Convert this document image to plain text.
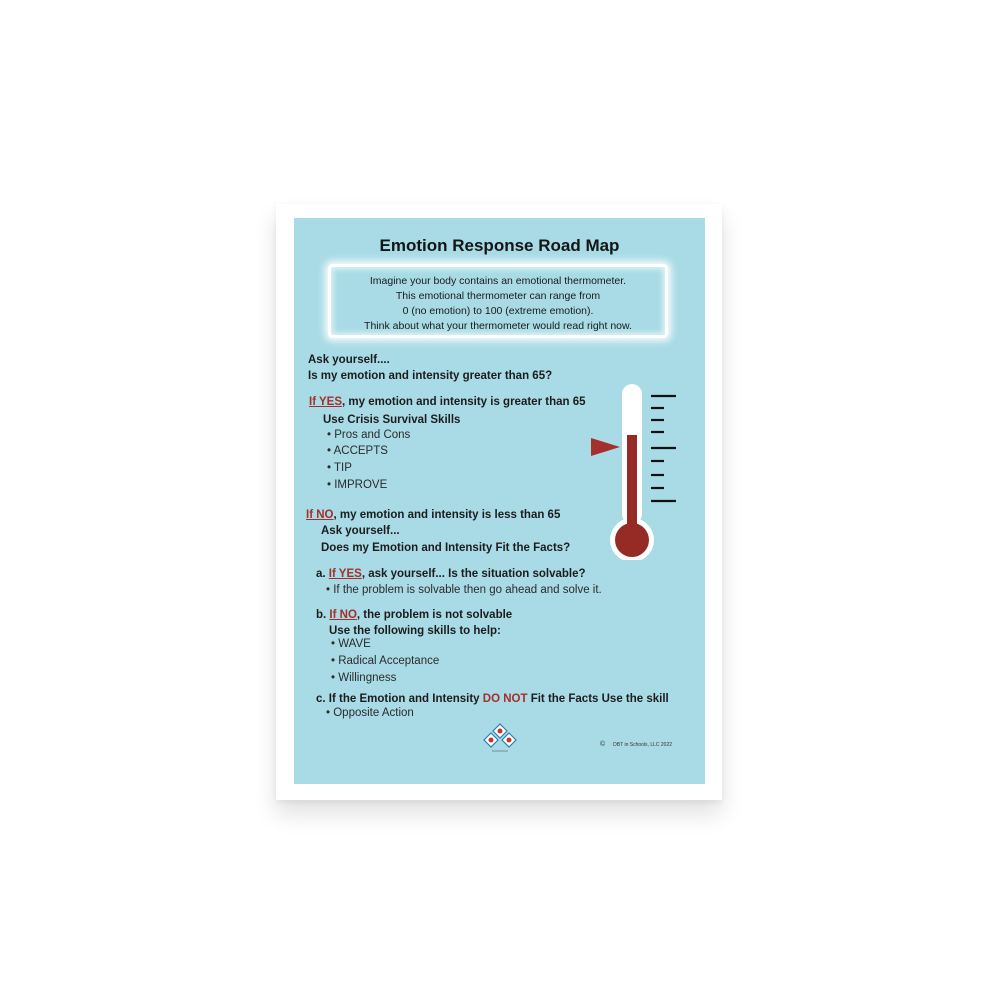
Emotion Response Road Map
Imagine your body contains an emotional thermometer.
This emotional thermometer can range from
0 (no emotion) to 100 (extreme emotion).
Think about what your thermometer would read right now.
Ask yourself....
Is my emotion and intensity greater than 65?
If YES, my emotion and intensity is greater than 65
Use Crisis Survival Skills
• Pros and Cons
• ACCEPTS
• TIP
• IMPROVE
If NO, my emotion and intensity is less than 65
Ask yourself...
Does my Emotion and Intensity Fit the Facts?
a. If YES, ask yourself... Is the situation solvable?
• If the problem is solvable then go ahead and solve it.
b. If NO, the problem is not solvable
Use the following skills to help:
• WAVE
• Radical Acceptance
• Willingness
c. If the Emotion and Intensity DO NOT Fit the Facts Use the skill
• Opposite Action
© DBT in Schools, LLC 2022
